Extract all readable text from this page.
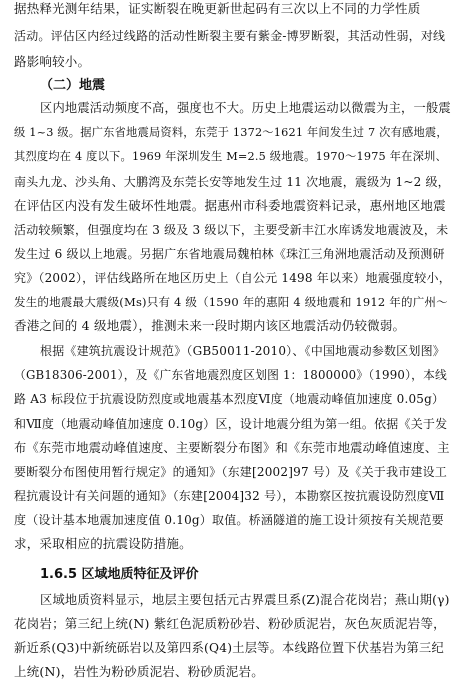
据热释光测年结果，证实断裂在晚更新世起码有三次以上不同的力学性质
活动。评估区内经过线路的活动性断裂主要有紫金-博罗断裂，其活动性弱，对线
路影响较小。
（二）地震
区内地震活动频度不高，强度也不大。历史上地震运动以微震为主，一般震
级 1~3 级。据广东省地震局资料，东莞于 1372～1621 年间发生过 7 次有感地震，
其烈度均在 4 度以下。1969 年深圳发生 M=2.5 级地震。1970～1975 年在深圳、
南头九龙、沙头角、大鹏湾及东莞长安等地发生过 11 次地震，震级为 1~2 级，
在评估区内没有发生破坏性地震。据惠州市科委地震资料记录，惠州地区地震
活动较频繁，但强度均在 3 级及 3 级以下，主要受新丰江水库诱发地震波及，未
发生过 6 级以上地震。另据广东省地震局魏柏林《珠江三角洲地震活动及预测研
究》（2002），评估线路所在地区历史上（自公元 1498 年以来）地震强度较小，
发生的地震最大震级(Ms)只有 4 级（1590 年的惠阳 4 级地震和 1912 年的广州～
香港之间的 4 级地震），推测未来一段时期内该区地震活动仍较微弱。
根据《建筑抗震设计规范》（GB50011-2010）、《中国地震动参数区划图》
（GB18306-2001），及《广东省地震烈度区划图 1：1800000》（1990），本线
路 A3 标段位于抗震设防烈度或地震基本烈度Ⅵ度（地震动峰值加速度 0.05g）
和Ⅶ度（地震动峰值加速度 0.10g）区，设计地震分组为第一组。依据《关于发
布《东莞市地震动峰值速度、主要断裂分布图》和《东莞市地震动峰值速度、主
要断裂分布图使用暂行规定》的通知》（东建[2002]97 号）及《关于我市建设工
程抗震设计有关问题的通知》（东建[2004]32 号），本勘察区按抗震设防烈度Ⅶ
度（设计基本地震加速度值 0.10g）取值。桥涵隧道的施工设计须按有关规范要
求，采取相应的抗震设防措施。
1.6.5 区域地质特征及评价
区域地质资料显示，地层主要包括元古界震旦系(Z)混合花岗岩；燕山期(γ)
花岗岩；第三纪上统(N) 紫红色泥质粉砂岩、粉砂质泥岩，灰色灰质泥岩等，
新近系(Q3)中新统砾岩以及第四系(Q4)土层等。本线路位置下伏基岩为第三纪
上统(N)，岩性为粉砂质泥岩、粉砂质泥岩。
